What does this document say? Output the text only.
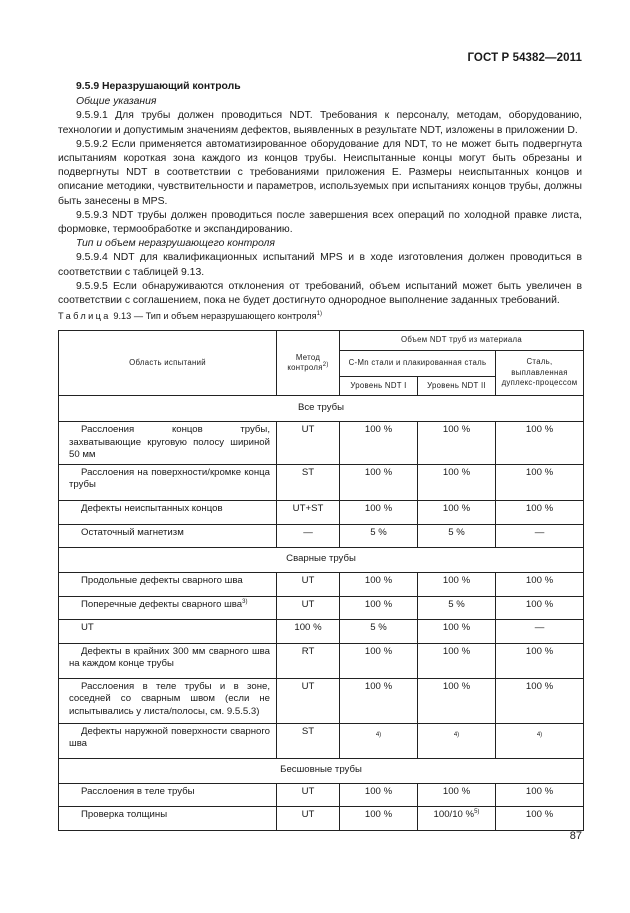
ГОСТ Р 54382—2011

9.5.9 Неразрушающий контроль

Общие указания

9.5.9.1 Для трубы должен проводиться NDT. Требования к персоналу, методам, оборудованию, технологии и допустимым значениям дефектов, выявленных в результате NDT, изложены в приложении D.

9.5.9.2 Если применяется автоматизированное оборудование для NDT, то не может быть подвергнута испытаниям короткая зона каждого из концов трубы. Неиспытанные концы могут быть обрезаны и подвергнуты NDT в соответствии с требованиями приложения E. Размеры неиспытанных концов и описание методики, чувствительности и параметров, используемых при испытаниях концов трубы, должны быть занесены в MPS.

9.5.9.3 NDT трубы должен проводиться после завершения всех операций по холодной правке листа, формовке, термообработке и экспандированию.

Тип и объем неразрушающего контроля

9.5.9.4 NDT для квалификационных испытаний MPS и в ходе изготовления должен проводиться в соответствии с таблицей 9.13.

9.5.9.5 Если обнаруживаются отклонения от требований, объем испытаний может быть увеличен в соответствии с соглашением, пока не будет достигнуто однородное выполнение заданных требований.

Таблица 9.13 — Тип и объем неразрушающего контроля$^{1)}$
Область испытаний	Метод контроля$^{2)}$	Объем NDT труб из материала		
		C-Mn стали и плакированная сталь		Сталь, выплавленная дуплекс-процессом
		Уровень NDT I	Уровень NDT II	
Все трубы				

Расслоения концов трубы, захватывающие круговую полосу шириной 50 мм	UT	100 %	100 %	100 %

Расслоения на поверхности/кромке конца трубы	ST	100 %	100 %	100 %

Дефекты неиспытанных концов	UT+ST	100 %	100 %	100 %

Остаточный магнетизм	—	5 %	5 %	—
Сварные трубы				

Продольные дефекты сварного шва	UT	100 %	100 %	100 %

Поперечные дефекты сварного шва$^{3)}$	UT	100 %	5 %	100 %

UT	100 %	5 %	100 %	—

Дефекты в крайних 300 мм сварного шва на каждом конце трубы	RT	100 %	100 %	100 %

Расслоения в теле трубы и в зоне, соседней со сварным швом (если не испытывались у листа/полосы, см. 9.5.5.3)	UT	100 %	100 %	100 %

Дефекты наружной поверхности сварного шва	ST	4)	4)	4)
Бесшовные трубы				

Расслоения в теле трубы	UT	100 %	100 %	100 %

Проверка толщины	UT	100 %	100/10 %$^{5)}$	100 %
87
